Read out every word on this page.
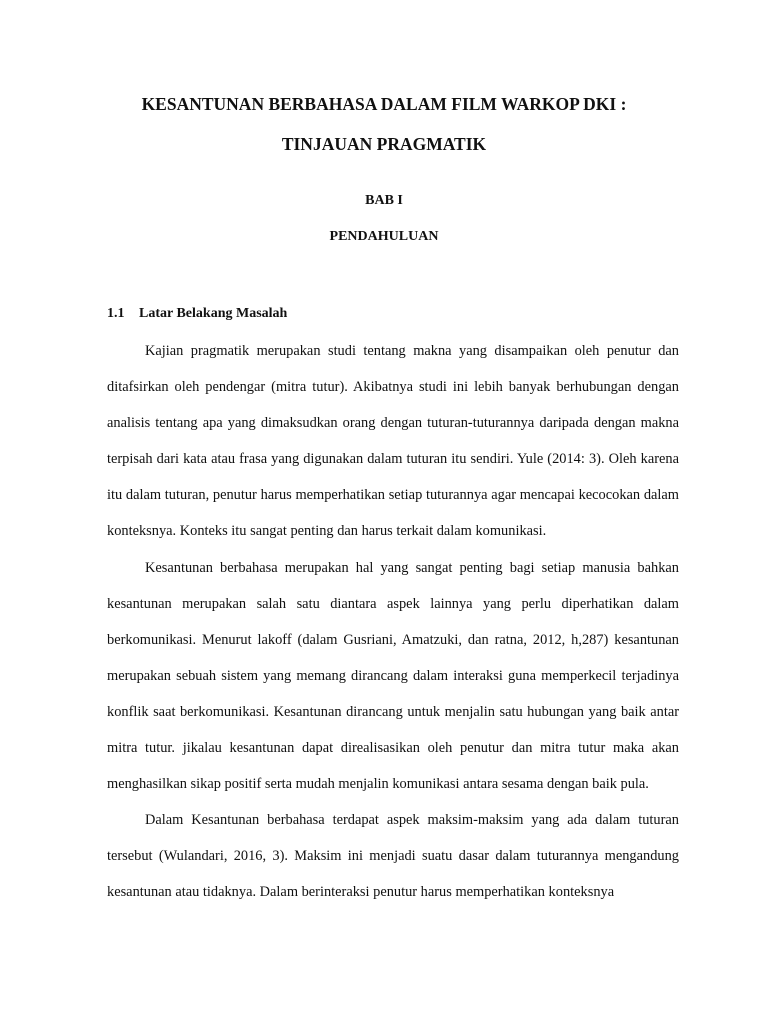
KESANTUNAN BERBAHASA DALAM FILM WARKOP DKI :
TINJAUAN PRAGMATIK
BAB I
PENDAHULUAN
1.1 Latar Belakang Masalah

Kajian pragmatik merupakan studi tentang makna yang disampaikan oleh penutur dan ditafsirkan oleh pendengar (mitra tutur). Akibatnya studi ini lebih banyak berhubungan dengan analisis tentang apa yang dimaksudkan orang dengan tuturan-tuturannya daripada dengan makna terpisah dari kata atau frasa yang digunakan dalam tuturan itu sendiri. Yule (2014: 3). Oleh karena itu dalam tuturan, penutur harus memperhatikan setiap tuturannya agar mencapai kecocokan dalam konteksnya. Konteks itu sangat penting dan harus terkait dalam komunikasi.

Kesantunan berbahasa merupakan hal yang sangat penting bagi setiap manusia bahkan kesantunan merupakan salah satu diantara aspek lainnya yang perlu diperhatikan dalam berkomunikasi. Menurut lakoff (dalam Gusriani, Amatzuki, dan ratna, 2012, h,287) kesantunan merupakan sebuah sistem yang memang dirancang dalam interaksi guna memperkecil terjadinya konflik saat berkomunikasi. Kesantunan dirancang untuk menjalin satu hubungan yang baik antar mitra tutur. jikalau kesantunan dapat direalisasikan oleh penutur dan mitra tutur maka akan menghasilkan sikap positif serta mudah menjalin komunikasi antara sesama dengan baik pula.

Dalam Kesantunan berbahasa terdapat aspek maksim-maksim yang ada dalam tuturan tersebut (Wulandari, 2016, 3). Maksim ini menjadi suatu dasar dalam tuturannya mengandung kesantunan atau tidaknya. Dalam berinteraksi penutur harus memperhatikan konteksnya
